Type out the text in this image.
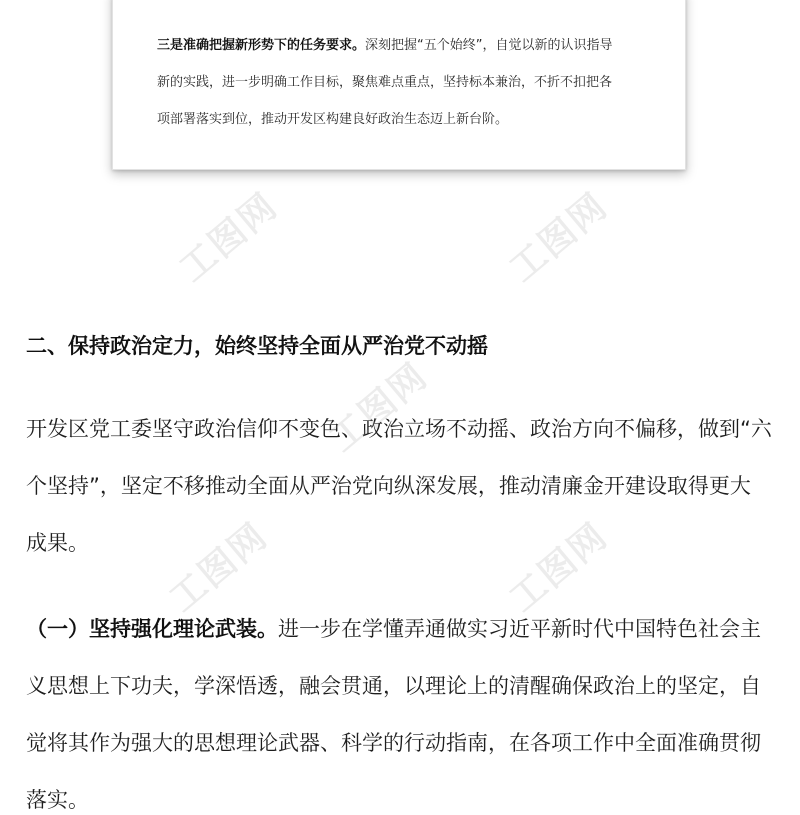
三是准确把握新形势下的任务要求。深刻把握“五个始终”，自觉以新的认识指导
新的实践，进一步明确工作目标，聚焦难点重点，坚持标本兼治，不折不扣把各
项部署落实到位，推动开发区构建良好政治生态迈上新台阶。
二、保持政治定力，始终坚持全面从严治党不动摇
开发区党工委坚守政治信仰不变色、政治立场不动摇、政治方向不偏移，做到“六
个坚持”，坚定不移推动全面从严治党向纵深发展，推动清廉金开建设取得更大
成果。
（一）坚持强化理论武装。进一步在学懂弄通做实习近平新时代中国特色社会主
义思想上下功夫，学深悟透，融会贯通，以理论上的清醒确保政治上的坚定，自
觉将其作为强大的思想理论武器、科学的行动指南，在各项工作中全面准确贯彻
落实。
工图网	工图网
工图网
工图网	工图网
